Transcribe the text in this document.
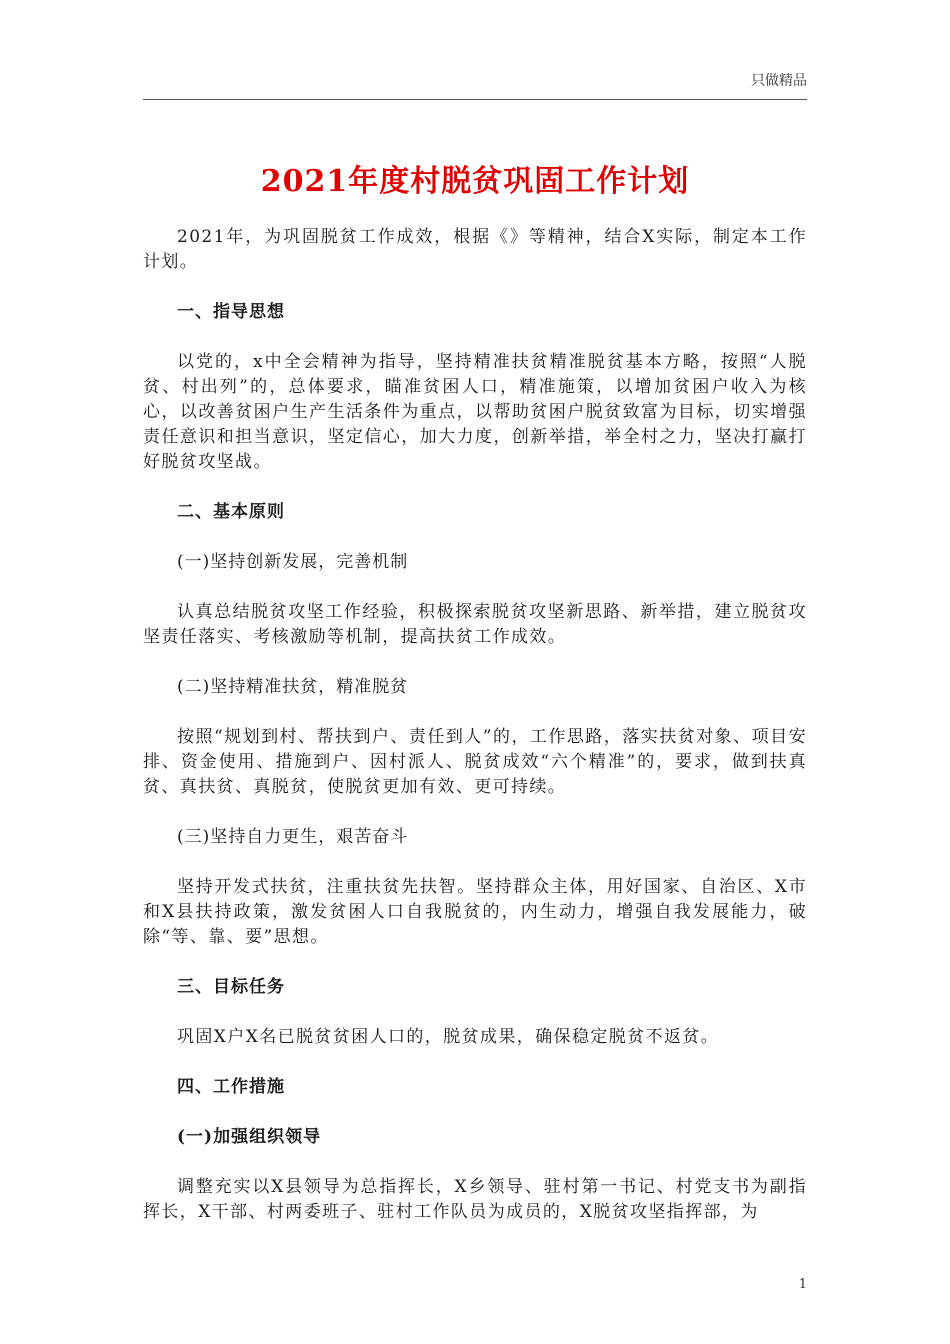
只做精品
2021年度村脱贫巩固工作计划

2021年，为巩固脱贫工作成效，根据《》等精神，结合X实际，制定本工作计划。

一、指导思想

以党的，x中全会精神为指导，坚持精准扶贫精准脱贫基本方略，按照“人脱贫、村出列”的，总体要求，瞄准贫困人口，精准施策，以增加贫困户收入为核心，以改善贫困户生产生活条件为重点，以帮助贫困户脱贫致富为目标，切实增强责任意识和担当意识，坚定信心，加大力度，创新举措，举全村之力，坚决打赢打好脱贫攻坚战。

二、基本原则
(一)坚持创新发展，完善机制

认真总结脱贫攻坚工作经验，积极探索脱贫攻坚新思路、新举措，建立脱贫攻坚责任落实、考核激励等机制，提高扶贫工作成效。

(二)坚持精准扶贫，精准脱贫

按照“规划到村、帮扶到户、责任到人”的，工作思路，落实扶贫对象、项目安排、资金使用、措施到户、因村派人、脱贫成效“六个精准”的，要求，做到扶真贫、真扶贫、真脱贫，使脱贫更加有效、更可持续。

(三)坚持自力更生，艰苦奋斗

坚持开发式扶贫，注重扶贫先扶智。坚持群众主体，用好国家、自治区、X市和X县扶持政策，激发贫困人口自我脱贫的，内生动力，增强自我发展能力，破除“等、靠、要”思想。

三、目标任务

巩固X户X名已脱贫贫困人口的，脱贫成果，确保稳定脱贫不返贫。

四、工作措施
(一)加强组织领导

调整充实以X县领导为总指挥长，X乡领导、驻村第一书记、村党支书为副指挥长，X干部、村两委班子、驻村工作队员为成员的，X脱贫攻坚指挥部，为

1
